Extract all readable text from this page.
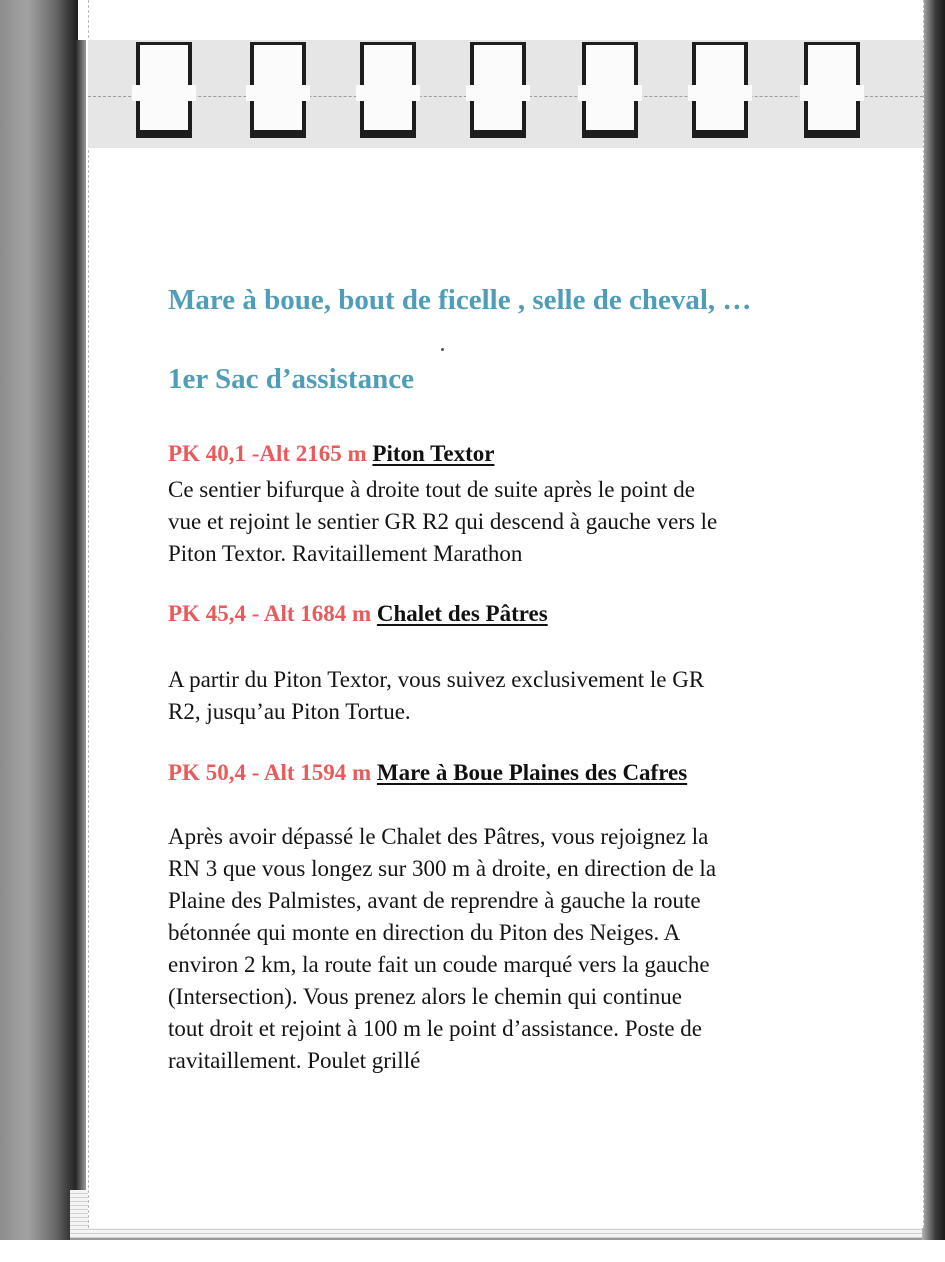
Mare à boue, bout de ficelle , selle de cheval, …
1er Sac d’assistance
PK 40,1 -Alt 2165 m Piton Textor
Ce sentier bifurque à droite tout de suite après le point de
vue et rejoint le sentier GR R2 qui descend à gauche vers le
Piton Textor. Ravitaillement Marathon
PK 45,4 - Alt 1684 m Chalet des Pâtres
A partir du Piton Textor, vous suivez exclusivement le GR
R2, jusqu’au Piton Tortue.
PK 50,4 - Alt 1594 m Mare à Boue Plaines des Cafres
Après avoir dépassé le Chalet des Pâtres, vous rejoignez la
RN 3 que vous longez sur 300 m à droite, en direction de la
Plaine des Palmistes, avant de reprendre à gauche la route
bétonnée qui monte en direction du Piton des Neiges. A
environ 2 km, la route fait un coude marqué vers la gauche
(Intersection). Vous prenez alors le chemin qui continue
tout droit et rejoint à 100 m le point d’assistance. Poste de
ravitaillement. Poulet grillé
